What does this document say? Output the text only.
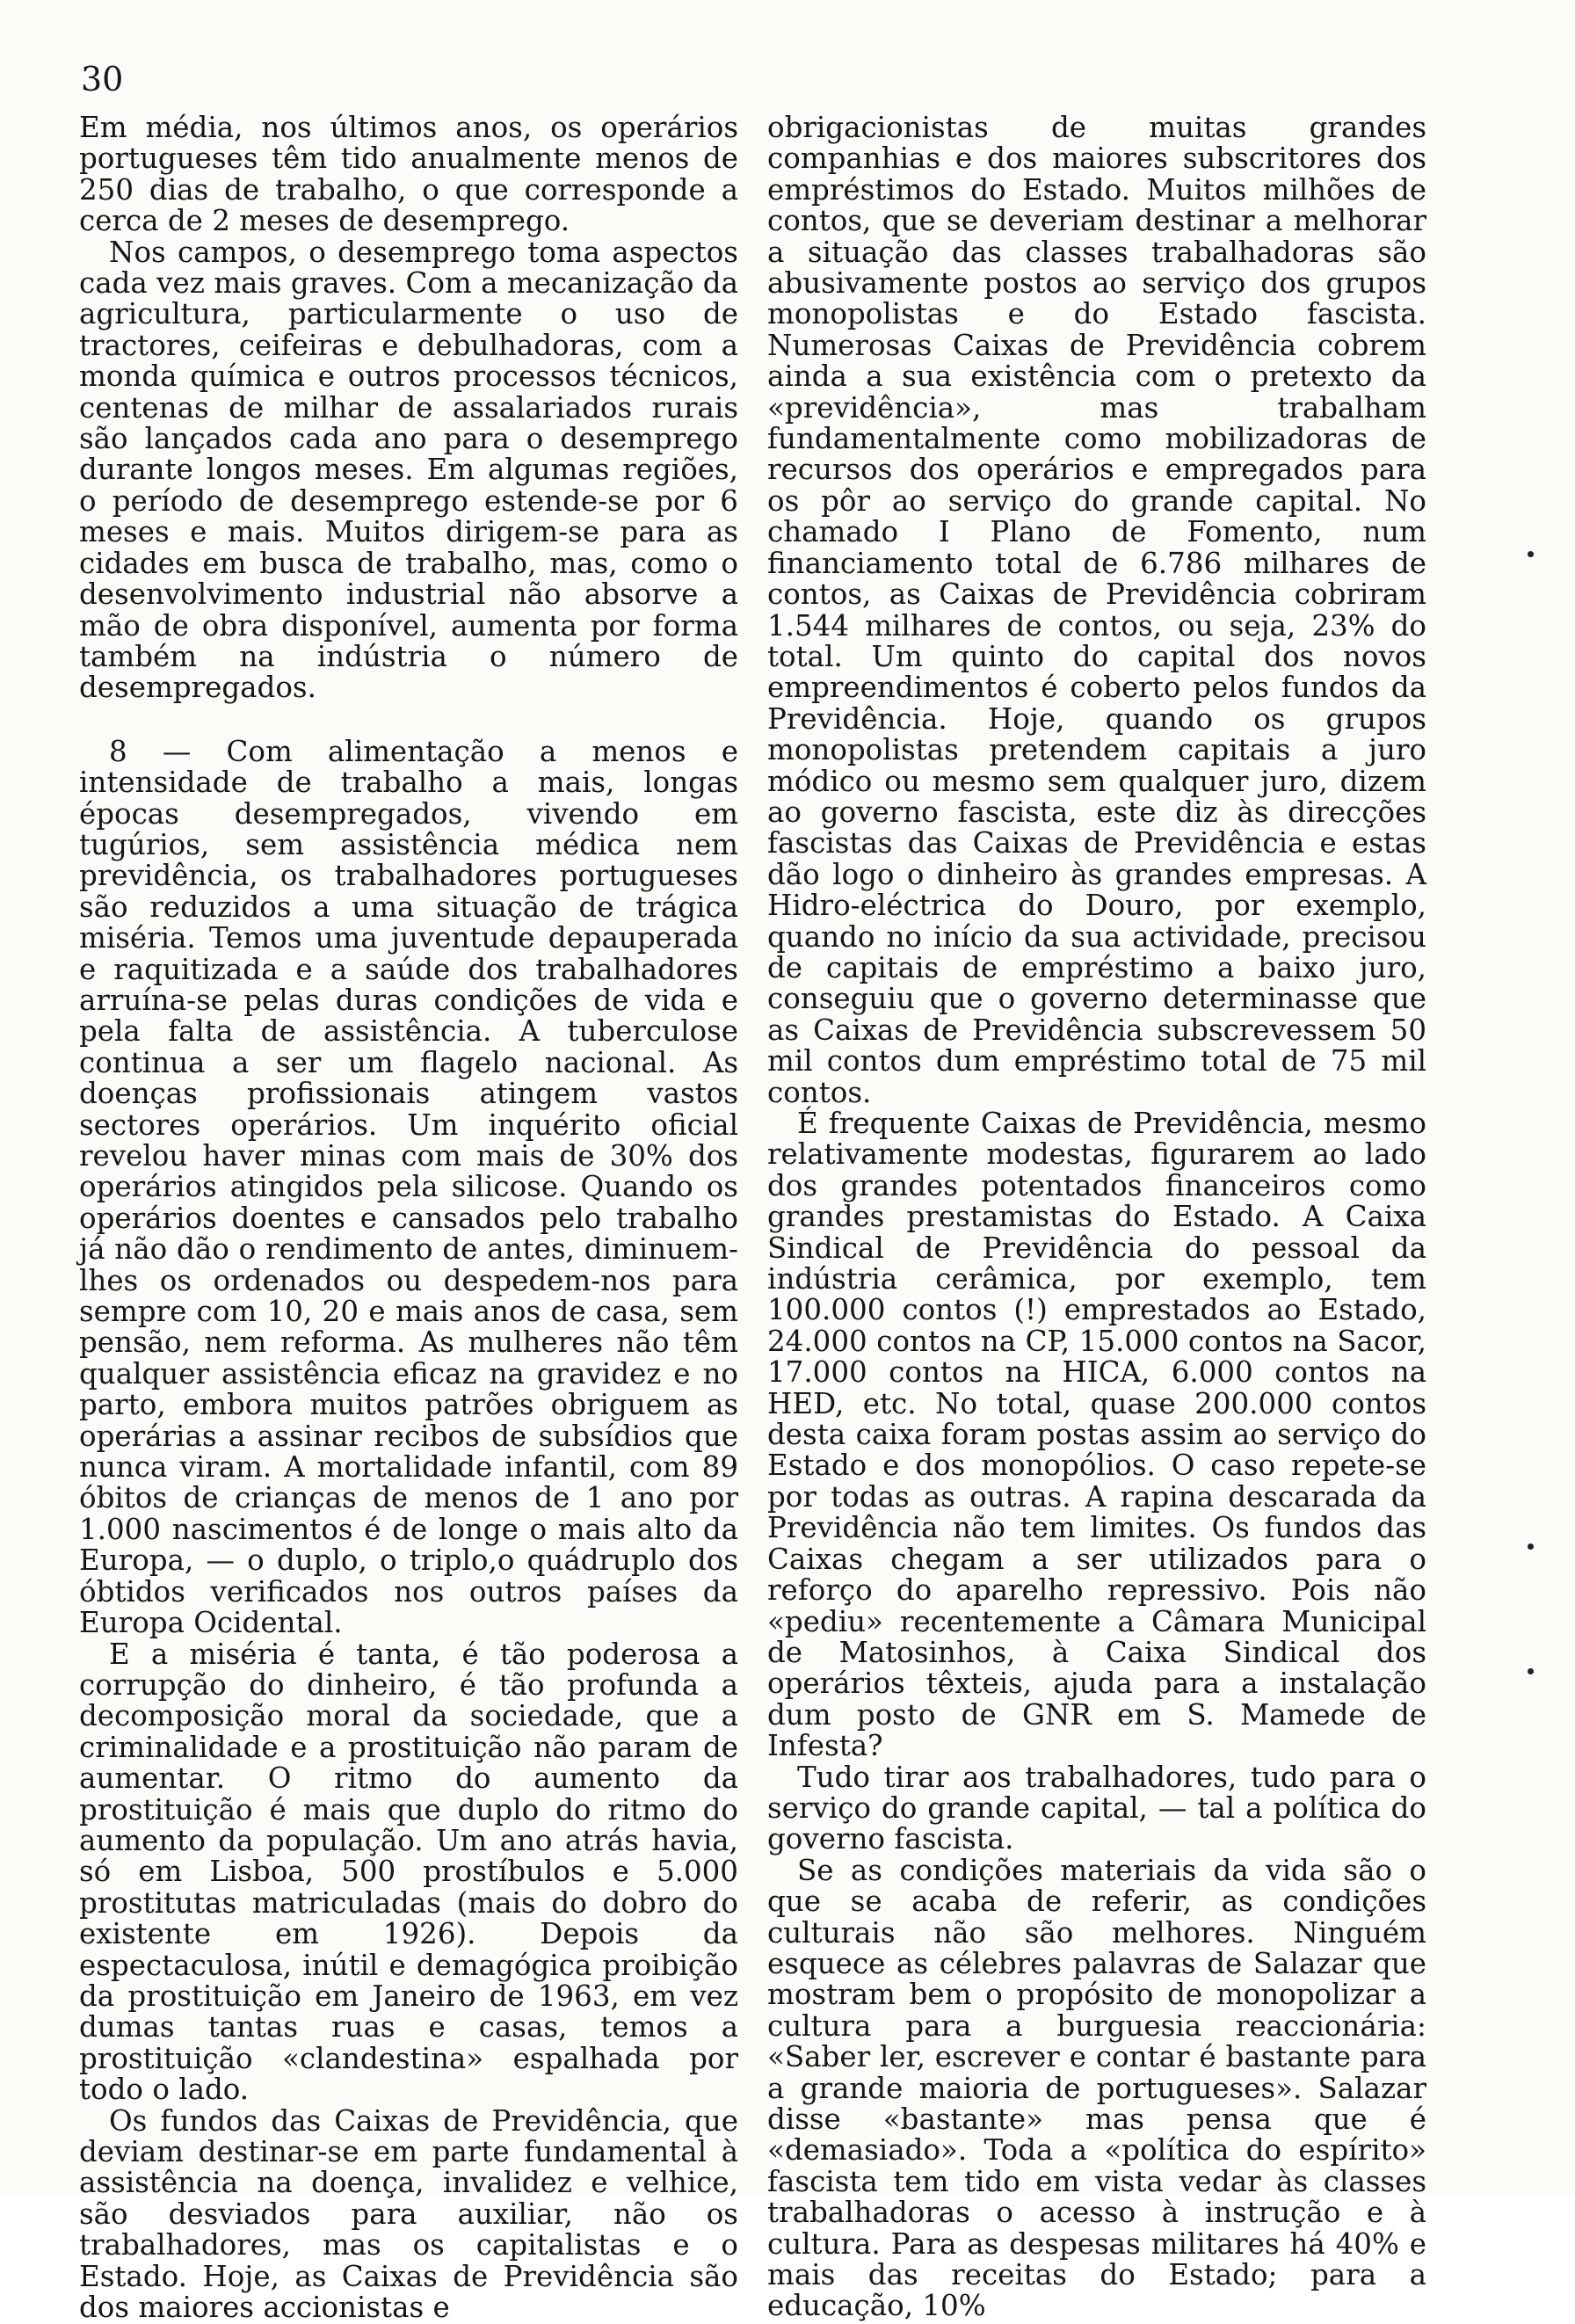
30

Em média, nos últimos anos, os operários portugueses têm tido anualmente menos de 250 dias de trabalho, o que corresponde a cerca de 2 meses de desemprego.

Nos campos, o desemprego toma aspectos cada vez mais graves. Com a mecanização da agricultura, particularmente o uso de tractores, ceifeiras e debulhadoras, com a monda química e outros processos técnicos, centenas de milhar de assalariados rurais são lançados cada ano para o desemprego durante longos meses. Em algumas regiões, o período de desemprego estende-se por 6 meses e mais. Muitos dirigem-se para as cidades em busca de trabalho, mas, como o desenvolvimento industrial não absorve a mão de obra disponível, aumenta por forma também na indústria o número de desempregados.

8 — Com alimentação a menos e intensidade de trabalho a mais, longas épocas desempregados, vivendo em tugúrios, sem assistência médica nem previdência, os trabalhadores portugueses são reduzidos a uma situação de trágica miséria. Temos uma juventude depauperada e raquitizada e a saúde dos trabalhadores arruína-se pelas duras condições de vida e pela falta de assistência. A tuberculose continua a ser um flagelo nacional. As doenças profissionais atingem vastos sectores operários. Um inquérito oficial revelou haver minas com mais de 30% dos operários atingidos pela silicose. Quando os operários doentes e cansados pelo trabalho já não dão o rendimento de antes, diminuem-lhes os ordenados ou despedem-nos para sempre com 10, 20 e mais anos de casa, sem pensão, nem reforma. As mulheres não têm qualquer assistência eficaz na gravidez e no parto, embora muitos patrões obriguem as operárias a assinar recibos de subsídios que nunca viram. A mortalidade infantil, com 89 óbitos de crianças de menos de 1 ano por 1.000 nascimentos é de longe o mais alto da Europa, — o duplo, o triplo,o quádruplo dos óbtidos verificados nos outros países da Europa Ocidental.

E a miséria é tanta, é tão poderosa a corrupção do dinheiro, é tão profunda a decomposição moral da sociedade, que a criminalidade e a prostituição não param de aumentar. O ritmo do aumento da prostituição é mais que duplo do ritmo do aumento da população. Um ano atrás havia, só em Lisboa, 500 prostíbulos e 5.000 prostitutas matriculadas (mais do dobro do existente em 1926). Depois da espectaculosa, inútil e demagógica proibição da prostituição em Janeiro de 1963, em vez dumas tantas ruas e casas, temos a prostituição «clandestina» espalhada por todo o lado.

Os fundos das Caixas de Previdência, que deviam destinar-se em parte fundamental à assistência na doença, invalidez e velhice, são desviados para auxiliar, não os trabalhadores, mas os capitalistas e o Estado. Hoje, as Caixas de Previdência são dos maiores accionistas e

obrigacionistas de muitas grandes companhias e dos maiores subscritores dos empréstimos do Estado. Muitos milhões de contos, que se deveriam destinar a melhorar a situação das classes trabalhadoras são abusivamente postos ao serviço dos grupos monopolistas e do Estado fascista. Numerosas Caixas de Previdência cobrem ainda a sua existência com o pretexto da «previdência», mas trabalham fundamentalmente como mobilizadoras de recursos dos operários e empregados para os pôr ao serviço do grande capital. No chamado I Plano de Fomento, num financiamento total de 6.786 milhares de contos, as Caixas de Previdência cobriram 1.544 milhares de contos, ou seja, 23% do total. Um quinto do capital dos novos empreendimentos é coberto pelos fundos da Previdência. Hoje, quando os grupos monopolistas pretendem capitais a juro módico ou mesmo sem qualquer juro, dizem ao governo fascista, este diz às direcções fascistas das Caixas de Previdência e estas dão logo o dinheiro às grandes empresas. A Hidro-eléctrica do Douro, por exemplo, quando no início da sua actividade, precisou de capitais de empréstimo a baixo juro, conseguiu que o governo determinasse que as Caixas de Previdência subscrevessem 50 mil contos dum empréstimo total de 75 mil contos.

É frequente Caixas de Previdência, mesmo relativamente modestas, figurarem ao lado dos grandes potentados financeiros como grandes prestamistas do Estado. A Caixa Sindical de Previdência do pessoal da indústria cerâmica, por exemplo, tem 100.000 contos (!) emprestados ao Estado, 24.000 contos na CP, 15.000 contos na Sacor, 17.000 contos na HICA, 6.000 contos na HED, etc. No total, quase 200.000 contos desta caixa foram postas assim ao serviço do Estado e dos monopólios. O caso repete-se por todas as outras. A rapina descarada da Previdência não tem limites. Os fundos das Caixas chegam a ser utilizados para o reforço do aparelho repressivo. Pois não «pediu» recentemente a Câmara Municipal de Matosinhos, à Caixa Sindical dos operários têxteis, ajuda para a instalação dum posto de GNR em S. Mamede de Infesta?

Tudo tirar aos trabalhadores, tudo para o serviço do grande capital, — tal a política do governo fascista.

Se as condições materiais da vida são o que se acaba de referir, as condições culturais não são melhores. Ninguém esquece as célebres palavras de Salazar que mostram bem o propósito de monopolizar a cultura para a burguesia reaccionária: «Saber ler, escrever e contar é bastante para a grande maioria de portugueses». Salazar disse «bastante» mas pensa que é «demasiado». Toda a «política do espírito» fascista tem tido em vista vedar às classes trabalhadoras o acesso à instrução e à cultura. Para as despesas militares há 40% e mais das receitas do Estado; para a educação, 10%
